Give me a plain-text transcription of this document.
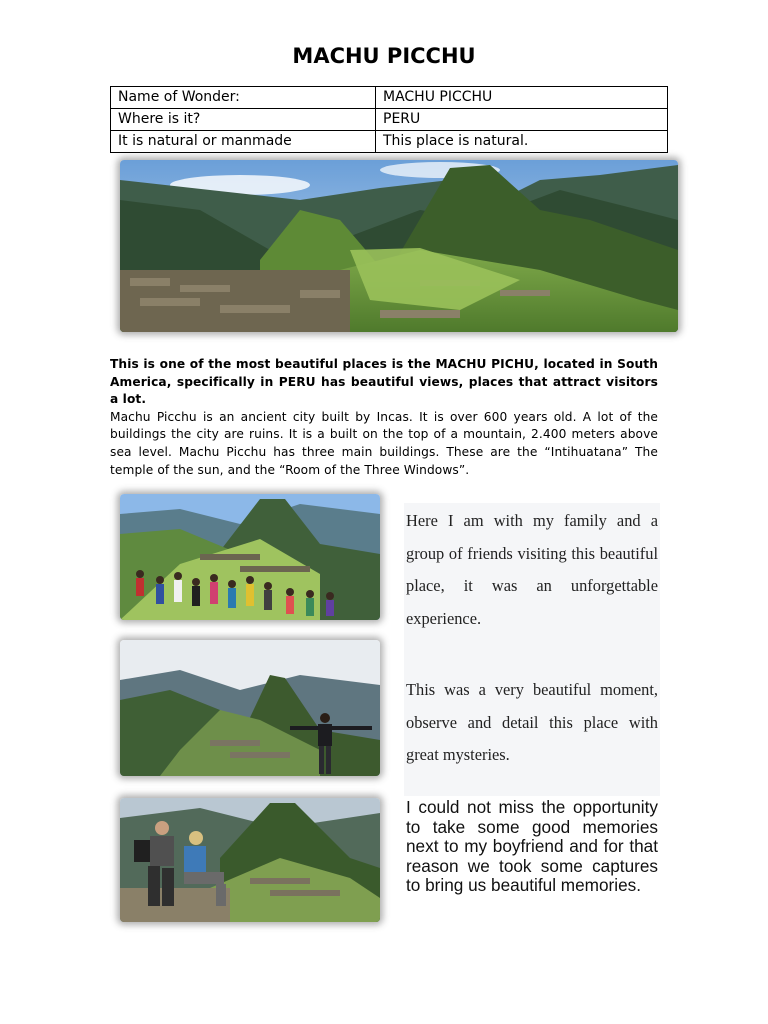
MACHU PICCHU
Name of Wonder:	MACHU PICCHU
Where is it?	PERU
It is natural or manmade	This place is natural.
This is one of the most beautiful places is the MACHU PICHU, located in South America, specifically in PERU has beautiful views, places that attract visitors a lot.
Machu Picchu is an ancient city built by Incas. It is over 600 years old. A lot of the buildings the city are ruins. It is a built on the top of a mountain, 2.400 meters above sea level. Machu Picchu has three main buildings. These are the “Intihuatana” The temple of the sun, and the “Room of the Three Windows”.
Here I am with my family and a group of friends visiting this beautiful place, it was an unforgettable experience.
This was a very beautiful moment, observe and detail this place with great mysteries.
I could not miss the opportunity to take some good memories next to my boyfriend and for that reason we took some captures to bring us beautiful memories.
